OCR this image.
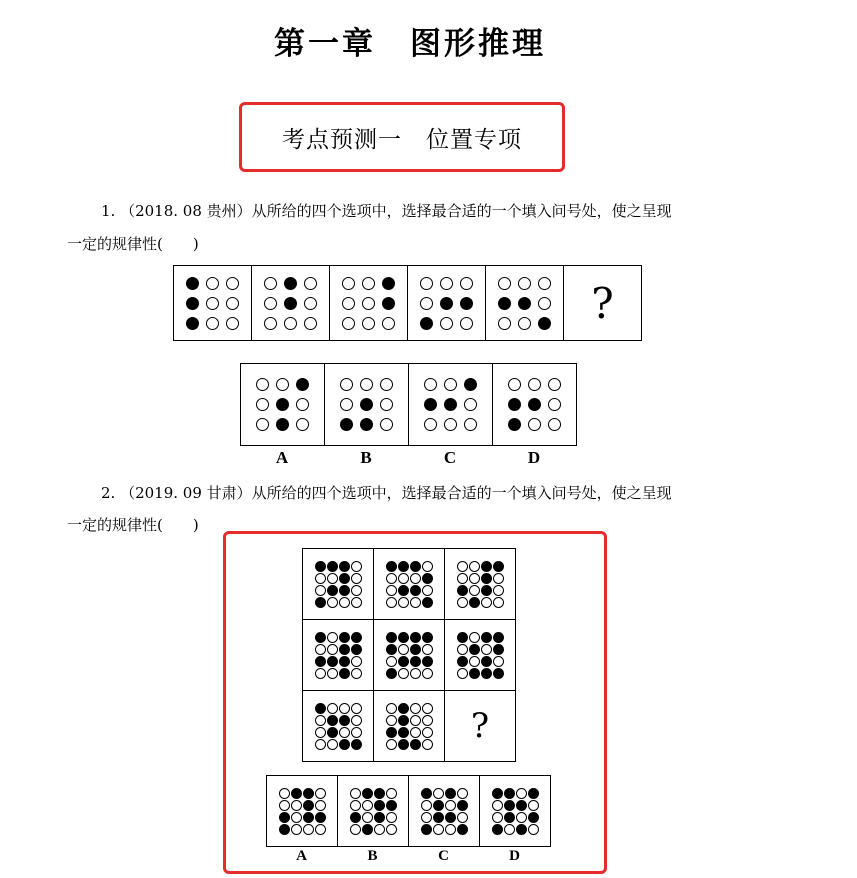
第一章　图形推理
考点预测一　位置专项
1. （2018. 08 贵州）从所给的四个选项中，选择最合适的一个填入问号处，使之呈现
一定的规律性(　　)
?
A	B	C	D
2. （2019. 09 甘肃）从所给的四个选项中，选择最合适的一个填入问号处，使之呈现
一定的规律性(　　)
?
A	B	C	D
